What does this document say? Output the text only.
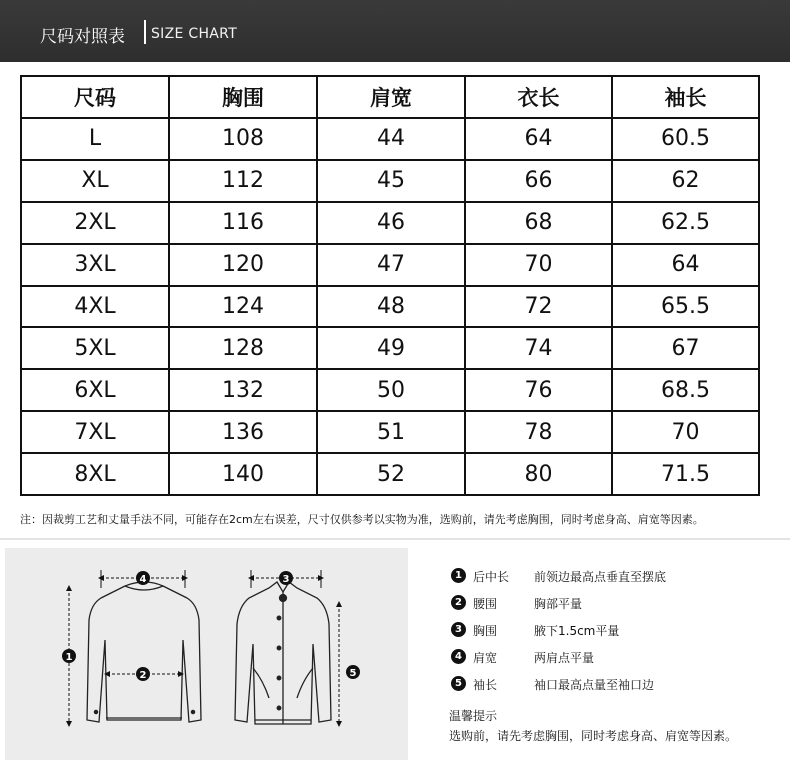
尺码对照表 SIZE CHART
尺码	胸围	肩宽	衣长	袖长
L	108	44	64	60.5
XL	112	45	66	62
2XL	116	46	68	62.5
3XL	120	47	70	64
4XL	124	48	72	65.5
5XL	128	49	74	67
6XL	132	50	76	68.5
7XL	136	51	78	70
8XL	140	52	80	71.5
注：因裁剪工艺和丈量手法不同，可能存在2cm左右误差，尺寸仅供参考以实物为准，选购前，请先考虑胸围，同时考虑身高、肩宽等因素。
4
1
2
3
5
1 后中长 前领边最高点垂直至摆底
2 腰围	胸部平量
3 胸围	腋下1.5cm平量
4 肩宽	两肩点平量
5 袖长	袖口最高点量至袖口边
温馨提示
选购前，请先考虑胸围，同时考虑身高、肩宽等因素。
